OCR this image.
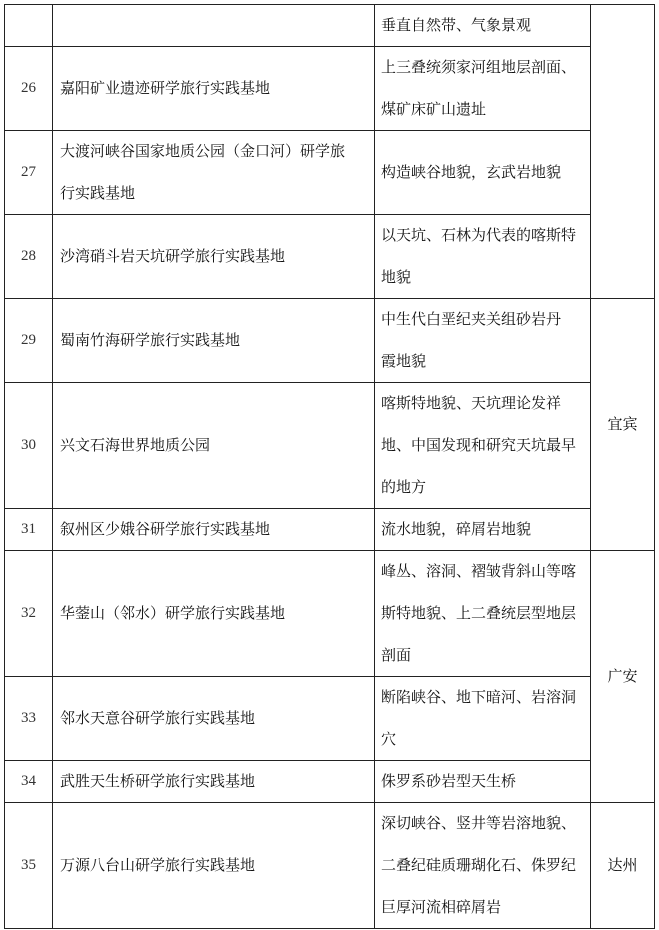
		垂直自然带、气象景观	

26	嘉阳矿业遗迹研学旅行实践基地	上三叠统须家河组地层剖面、
煤矿床矿山遗址	

27	大渡河峡谷国家地质公园（金口河）研学旅
行实践基地	构造峡谷地貌，玄武岩地貌	

28	沙湾硝斗岩天坑研学旅行实践基地	以天坑、石林为代表的喀斯特
地貌	

29	蜀南竹海研学旅行实践基地	中生代白垩纪夹关组砂岩丹
霞地貌	宜宾
30	兴文石海世界地质公园	喀斯特地貌、天坑理论发祥
地、中国发现和研究天坑最早
的地方	

31	叙州区少娥谷研学旅行实践基地	流水地貌，碎屑岩地貌	

32	华蓥山（邻水）研学旅行实践基地	峰丛、溶洞、褶皱背斜山等喀
斯特地貌、上二叠统层型地层
剖面	广安
33	邻水天意谷研学旅行实践基地	断陷峡谷、地下暗河、岩溶洞
穴	

34	武胜天生桥研学旅行实践基地	侏罗系砂岩型天生桥	

35	万源八台山研学旅行实践基地	深切峡谷、竖井等岩溶地貌、
二叠纪硅质珊瑚化石、侏罗纪
巨厚河流相碎屑岩	达州
